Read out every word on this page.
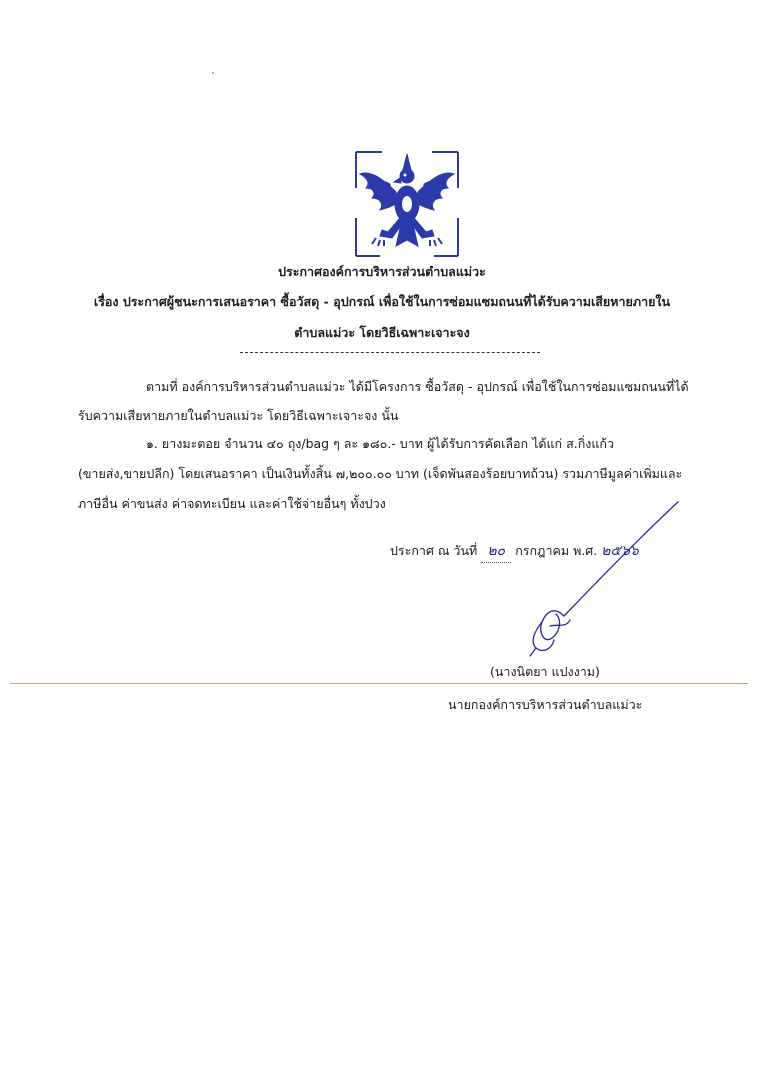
ประกาศองค์การบริหารส่วนตำบลแม่วะ
เรื่อง ประกาศผู้ชนะการเสนอราคา ซื้อวัสดุ - อุปกรณ์ เพื่อใช้ในการซ่อมแซมถนนที่ได้รับความเสียหายภายใน
ตำบลแม่วะ โดยวิธีเฉพาะเจาะจง
ตามที่ องค์การบริหารส่วนตำบลแม่วะ ได้มีโครงการ ซื้อวัสดุ - อุปกรณ์ เพื่อใช้ในการซ่อมแซมถนนที่ได้
รับความเสียหายภายในตำบลแม่วะ โดยวิธีเฉพาะเจาะจง นั้น
๑. ยางมะตอย จำนวน ๔๐ ถุง/bag ๆ ละ ๑๘๐.- บาท ผู้ได้รับการคัดเลือก ได้แก่ ส.กิ่งแก้ว
(ขายส่ง,ขายปลีก) โดยเสนอราคา เป็นเงินทั้งสิ้น ๗,๒๐๐.๐๐ บาท (เจ็ดพันสองร้อยบาทถ้วน) รวมภาษีมูลค่าเพิ่มและ
ภาษีอื่น ค่าขนส่ง ค่าจดทะเบียน และค่าใช้จ่ายอื่นๆ ทั้งปวง
ประกาศ ณ วันที่ ๒๐ กรกฎาคม พ.ศ. ๒๕๖๖
(นางนิตยา แปงงาม)
นายกองค์การบริหารส่วนตำบลแม่วะ
